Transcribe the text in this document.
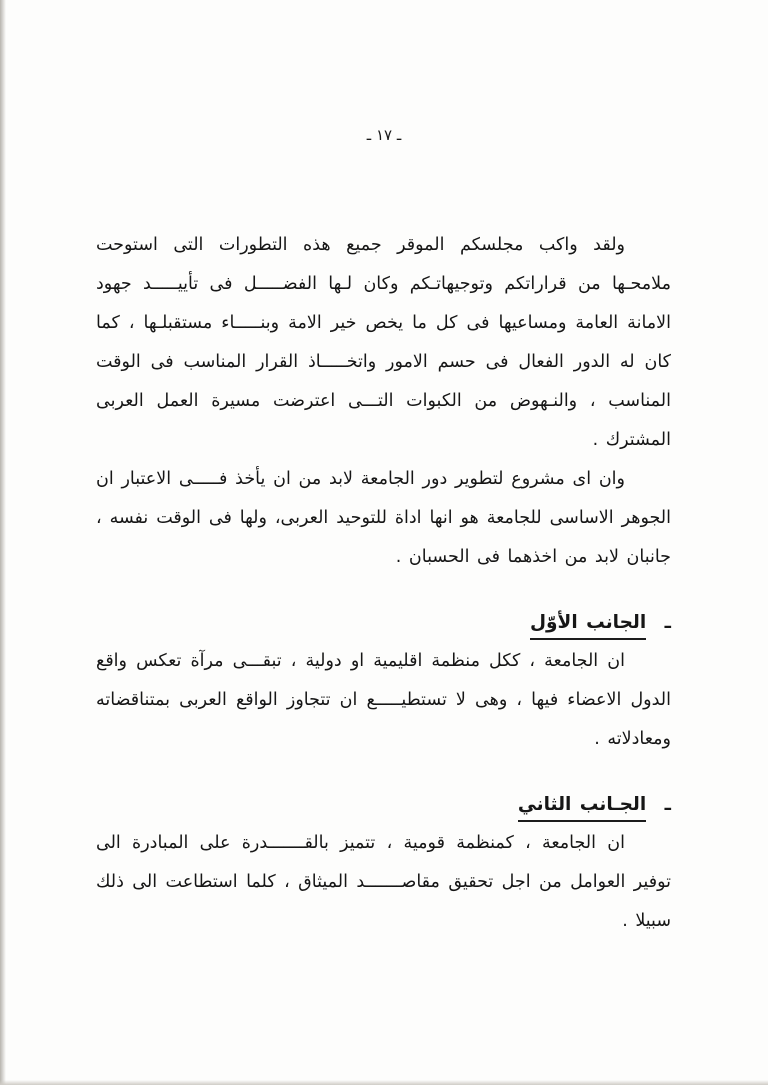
ـ ١٧ ـ

ولقد واكب مجلسكم الموقر جميع هذه التطورات التى استوحت ملامحـها من قراراتكم وتوجيهاتـكم وكان لـها الفضـــــل فى تأييـــــد جهود الامانة العامة ومساعيها فى كل ما يخص خير الامة وبنـــــاء مستقبلـها ، كما كان له الدور الفعال فى حسم الامور واتخـــــاذ القرار المناسب فى الوقت المناسب ، والنـهوض من الكبوات التـــى اعترضت مسيرة العمل العربى المشترك .

وان اى مشروع لتطوير دور الجامعة لابد من ان يأخذ فـــــى الاعتبار ان الجوهر الاساسى للجامعة هو انها اداة للتوحيد العربى، ولها فى الوقت نفسه ، جانبان لابد من اخذهما فى الحسبان .

ـ الجانب الأوّل

ان الجامعة ، ككل منظمة اقليمية او دولية ، تبقـــى مرآة تعكس واقع الدول الاعضاء فيها ، وهى لا تستطيـــــع ان تتجاوز الواقع العربى بمتناقضاته ومعادلاته .

ـ الجـانب الثاني

ان الجامعة ، كمنظمة قومية ، تتميز بالقـــــــدرة على المبادرة الى توفير العوامل من اجل تحقيق مقاصـــــــد الميثاق ، كلما استطاعت الى ذلك سبيلا .
